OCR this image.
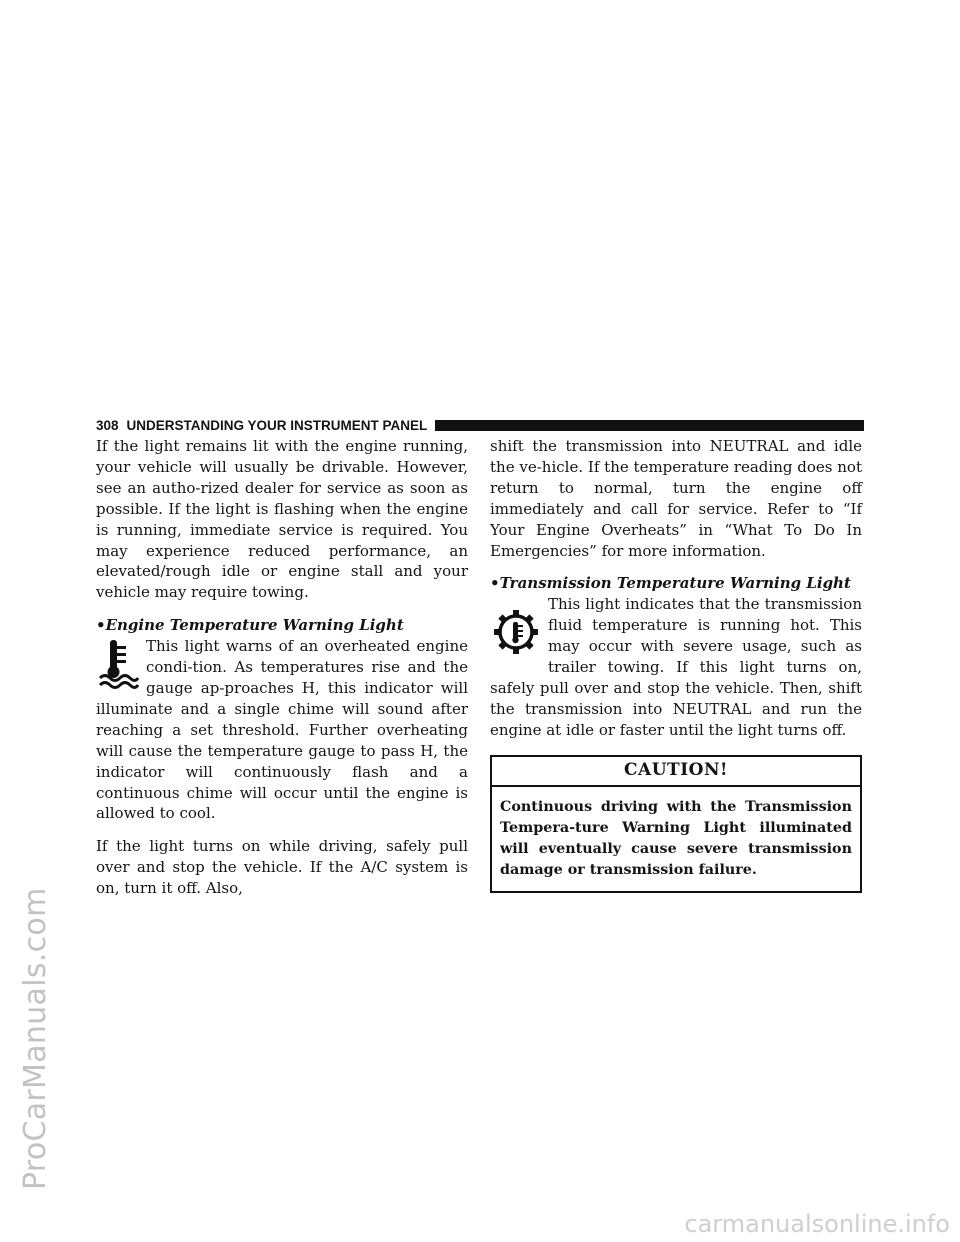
ProCarManuals.com
308 UNDERSTANDING YOUR INSTRUMENT PANEL

If the light remains lit with the engine running, your vehicle will usually be drivable. However, see an autho-rized dealer for service as soon as possible. If the light is flashing when the engine is running, immediate service is required. You may experience reduced performance, an elevated/rough idle or engine stall and your vehicle may require towing.

•Engine Temperature Warning Light

This light warns of an overheated engine condi-tion. As temperatures rise and the gauge ap-proaches H, this indicator will illuminate and a single chime will sound after reaching a set threshold. Further overheating will cause the temperature gauge to pass H, the indicator will continuously flash and a continuous chime will occur until the engine is allowed to cool.

If the light turns on while driving, safely pull over and stop the vehicle. If the A/C system is on, turn it off. Also,

shift the transmission into NEUTRAL and idle the ve-hicle. If the temperature reading does not return to normal, turn the engine off immediately and call for service. Refer to “If Your Engine Overheats” in “What To Do In Emergencies” for more information.

•Transmission Temperature Warning Light

This light indicates that the transmission fluid temperature is running hot. This may occur with severe usage, such as trailer towing. If this light turns on, safely pull over and stop the vehicle. Then, shift the transmission into NEUTRAL and run the engine at idle or faster until the light turns off.
CAUTION!
Continuous driving with the Transmission Tempera-ture Warning Light illuminated will eventually cause severe transmission damage or transmission failure.
carmanualsonline.info
